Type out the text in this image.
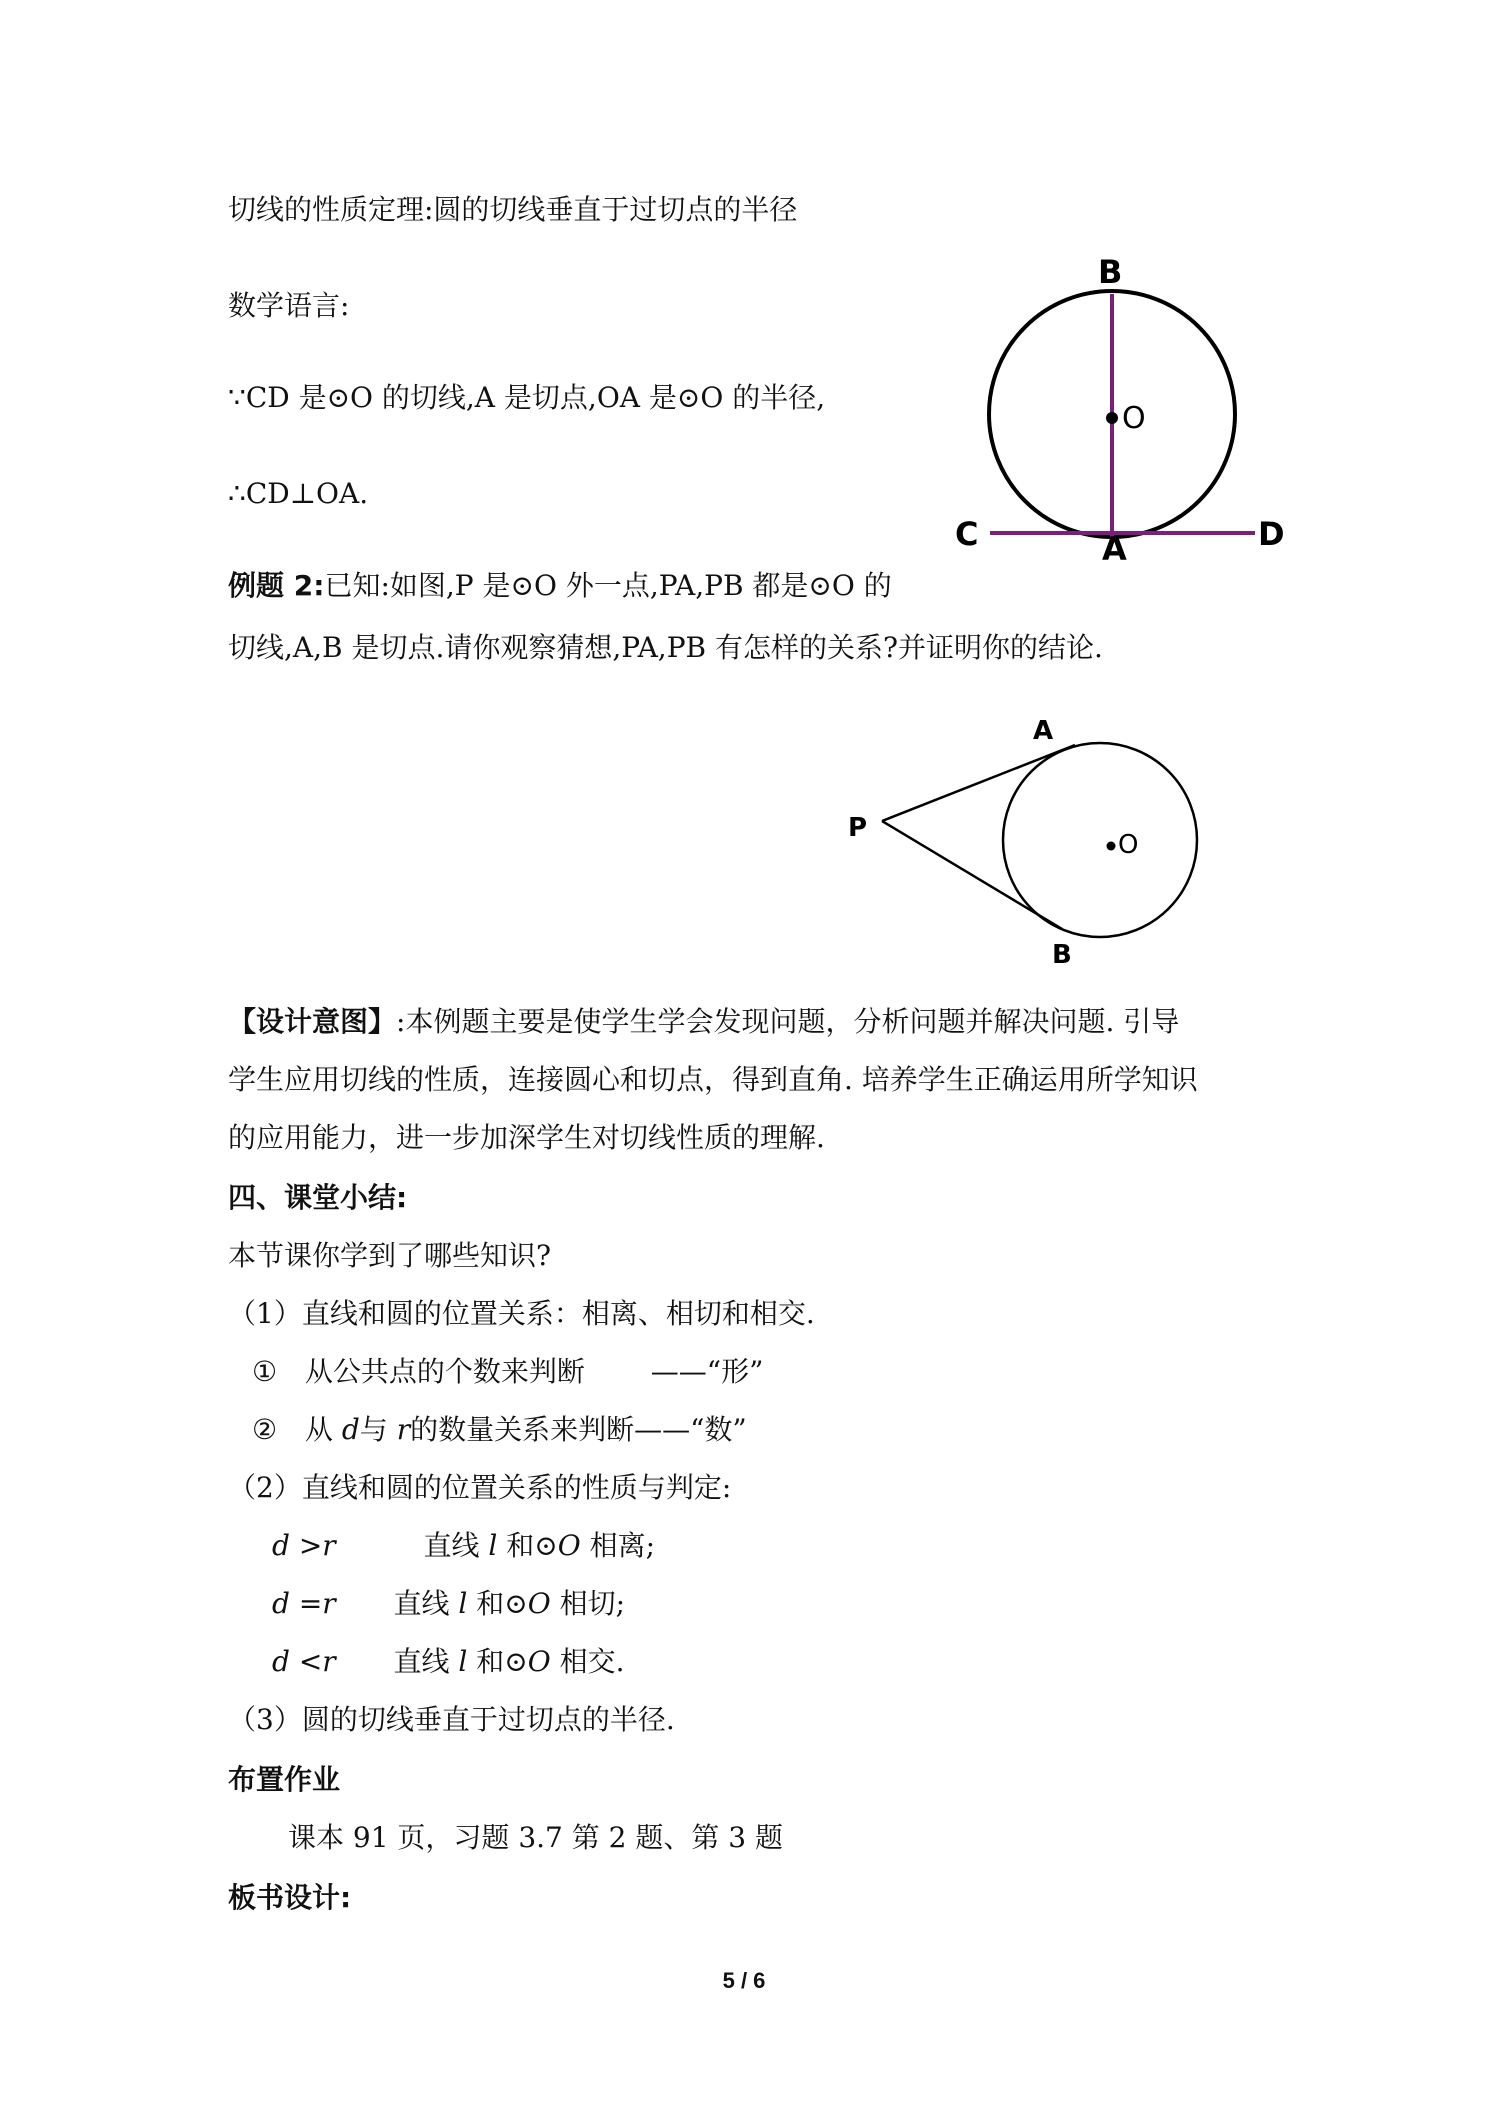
切线的性质定理:圆的切线垂直于过切点的半径
数学语言:
∵CD 是⊙O 的切线,A 是切点,OA 是⊙O 的半径,
∴CD⊥OA.
B
O
C	A	D
例题 2:已知:如图,P 是⊙O 外一点,PA,PB 都是⊙O 的
切线,A,B 是切点.请你观察猜想,PA,PB 有怎样的关系?并证明你的结论.
A
P
O
B
【设计意图】:本例题主要是使学生学会发现问题，分析问题并解决问题. 引导
学生应用切线的性质，连接圆心和切点，得到直角. 培养学生正确运用所学知识
的应用能力，进一步加深学生对切线性质的理解.
四、课堂小结:
本节课你学到了哪些知识?
（1）直线和圆的位置关系：相离、相切和相交.
① 从公共点的个数来判断 ——“形”
② 从 d与 r的数量关系来判断——“数”
（2）直线和圆的位置关系的性质与判定:
d >r	直线 l 和⊙O 相离;
d =r 直线 l 和⊙O 相切;
d <r 直线 l 和⊙O 相交.
（3）圆的切线垂直于过切点的半径.
布置作业
课本 91 页，习题 3.7 第 2 题、第 3 题
板书设计:
5 / 6
